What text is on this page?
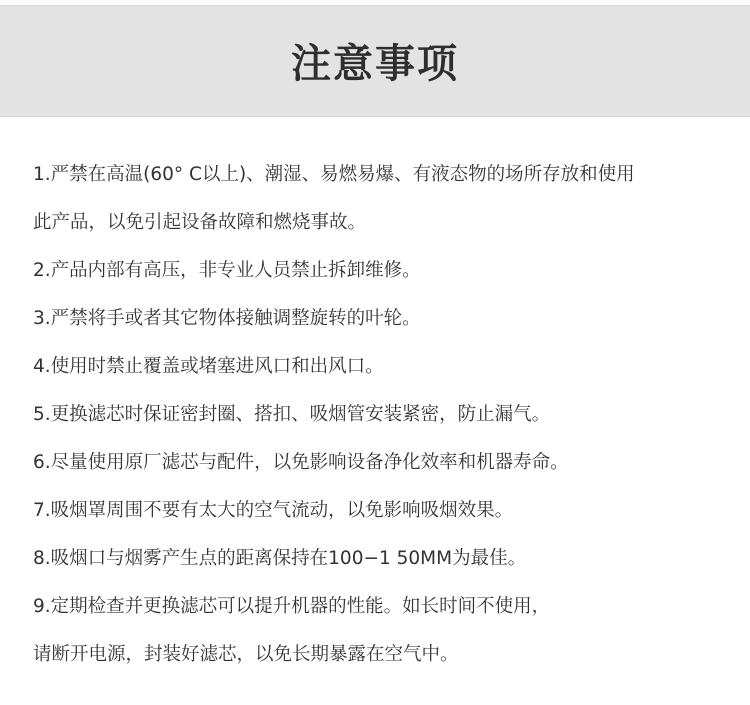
注意事项
1.严禁在高温(60° C以上)、潮湿、易燃易爆、有液态物的场所存放和使用
此产品，以免引起设备故障和燃烧事故。
2.产品内部有高压，非专业人员禁止拆卸维修。
3.严禁将手或者其它物体接触调整旋转的叶轮。
4.使用时禁止覆盖或堵塞进风口和出风口。
5.更换滤芯时保证密封圈、搭扣、吸烟管安装紧密，防止漏气。
6.尽量使用原厂滤芯与配件，以免影响设备净化效率和机器寿命。
7.吸烟罩周围不要有太大的空气流动，以免影响吸烟效果。
8.吸烟口与烟雾产生点的距离保持在100−1 50MM为最佳。
9.定期检查并更换滤芯可以提升机器的性能。如长时间不使用，
请断开电源，封装好滤芯，以免长期暴露在空气中。
